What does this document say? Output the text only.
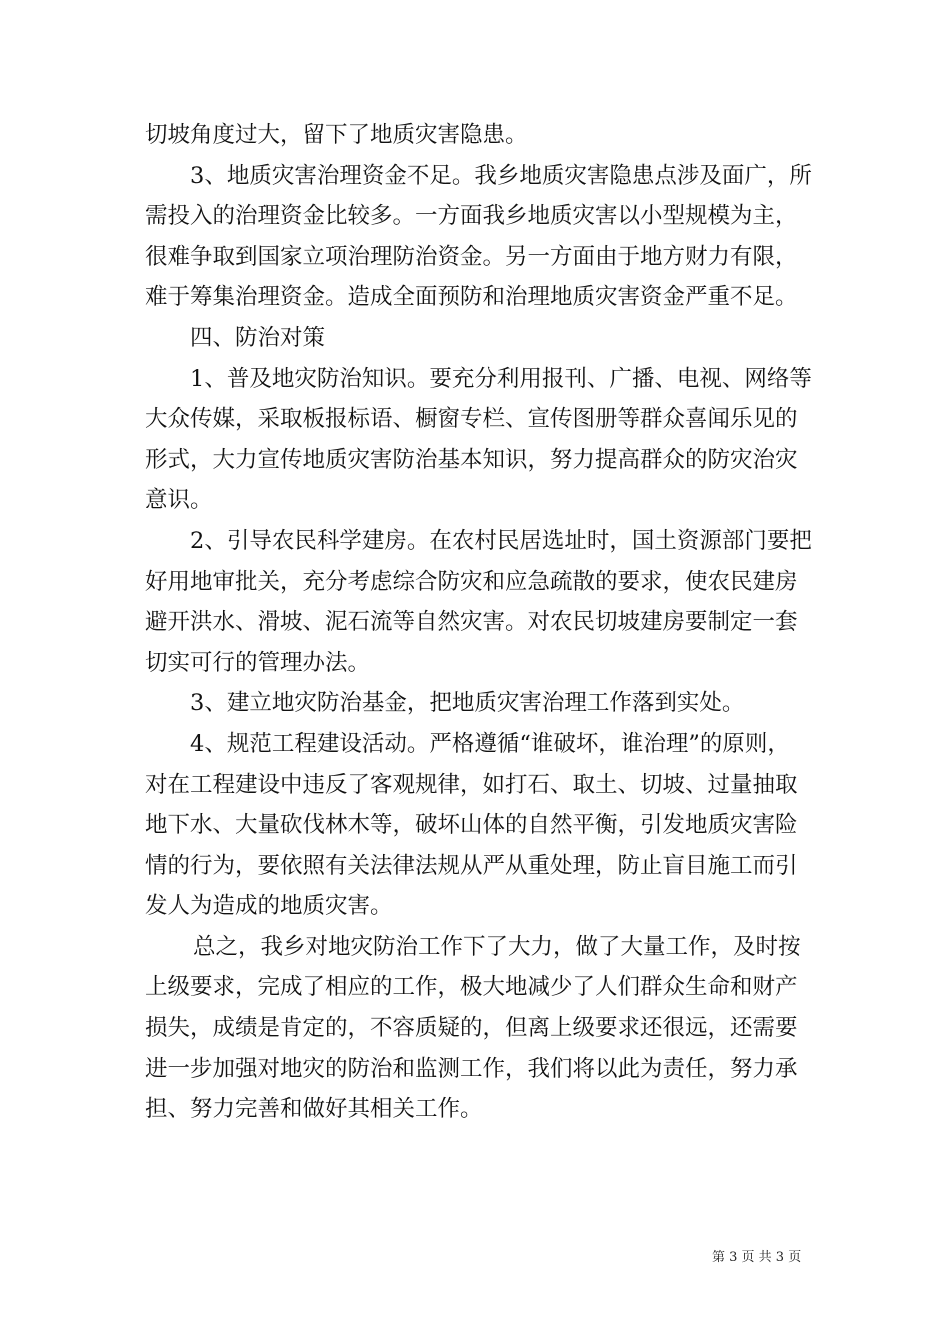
切坡角度过大，留下了地质灾害隐患。
3、地质灾害治理资金不足。我乡地质灾害隐患点涉及面广，所
需投入的治理资金比较多。一方面我乡地质灾害以小型规模为主，
很难争取到国家立项治理防治资金。另一方面由于地方财力有限，
难于筹集治理资金。造成全面预防和治理地质灾害资金严重不足。
四、防治对策
1、普及地灾防治知识。要充分利用报刊、广播、电视、网络等
大众传媒，采取板报标语、橱窗专栏、宣传图册等群众喜闻乐见的
形式，大力宣传地质灾害防治基本知识，努力提高群众的防灾治灾
意识。
2、引导农民科学建房。在农村民居选址时，国土资源部门要把
好用地审批关，充分考虑综合防灾和应急疏散的要求，使农民建房
避开洪水、滑坡、泥石流等自然灾害。对农民切坡建房要制定一套
切实可行的管理办法。
3、建立地灾防治基金，把地质灾害治理工作落到实处。
4、规范工程建设活动。严格遵循“谁破坏，谁治理”的原则，
对在工程建设中违反了客观规律，如打石、取土、切坡、过量抽取
地下水、大量砍伐林木等，破坏山体的自然平衡，引发地质灾害险
情的行为，要依照有关法律法规从严从重处理，防止盲目施工而引
发人为造成的地质灾害。
总之，我乡对地灾防治工作下了大力，做了大量工作，及时按
上级要求，完成了相应的工作，极大地减少了人们群众生命和财产
损失，成绩是肯定的，不容质疑的，但离上级要求还很远，还需要
进一步加强对地灾的防治和监测工作，我们将以此为责任，努力承
担、努力完善和做好其相关工作。
第 3 页 共 3 页
